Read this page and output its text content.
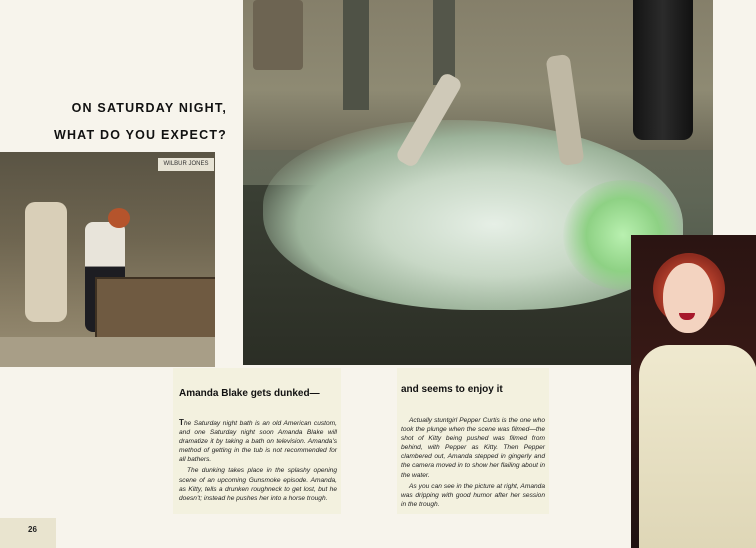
ON SATURDAY NIGHT,
WHAT DO YOU EXPECT?
WILBUR JONES
Amanda Blake gets dunked—

The Saturday night bath is an old American custom, and one Saturday night soon Amanda Blake will dramatize it by taking a bath on television. Amanda’s method of getting in the tub is not recommended for all bathers.

The dunking takes place in the splashy opening scene of an upcoming Gunsmoke episode. Amanda, as Kitty, tells a drunken roughneck to get lost, but he doesn’t; instead he pushes her into a horse trough.

and seems to enjoy it

Actually stuntgirl Pepper Curtis is the one who took the plunge when the scene was filmed—the shot of Kitty being pushed was filmed from behind, with Pepper as Kitty. Then Pepper clambered out, Amanda stepped in gingerly and the camera moved in to show her flailing about in the water.

As you can see in the picture at right, Amanda was dripping with good humor after her session in the trough.

26
